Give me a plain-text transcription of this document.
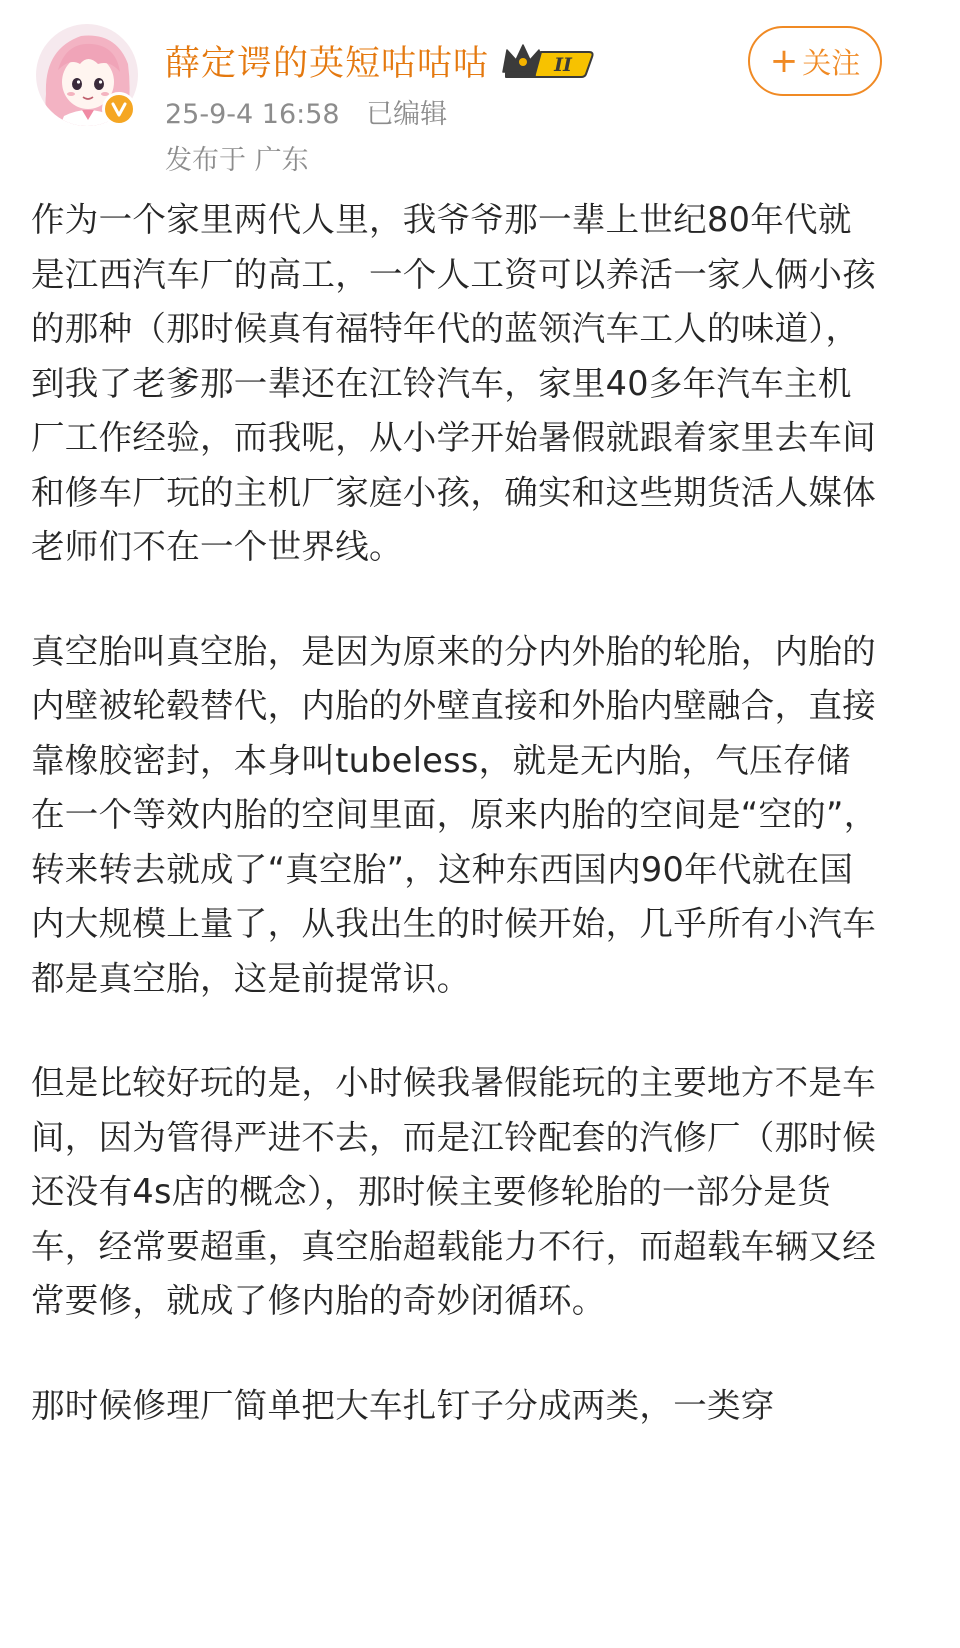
薛定谔的英短咕咕咕	II
25-9-4 16:58 已编辑
发布于 广东
+ 关注

作为一个家里两代人里，我爷爷那一辈上世纪80年代就是江西汽车厂的高工，一个人工资可以养活一家人俩小孩的那种（那时候真有福特年代的蓝领汽车工人的味道），到我了老爹那一辈还在江铃汽车，家里40多年汽车主机厂工作经验，而我呢，从小学开始暑假就跟着家里去车间和修车厂玩的主机厂家庭小孩，确实和这些期货活人媒体老师们不在一个世界线。

真空胎叫真空胎，是因为原来的分内外胎的轮胎，内胎的内壁被轮毂替代，内胎的外壁直接和外胎内壁融合，直接靠橡胶密封，本身叫tubeless，就是无内胎，气压存储在一个等效内胎的空间里面，原来内胎的空间是“空的”，转来转去就成了“真空胎”，这种东西国内90年代就在国内大规模上量了，从我出生的时候开始，几乎所有小汽车都是真空胎，这是前提常识。

但是比较好玩的是，小时候我暑假能玩的主要地方不是车间，因为管得严进不去，而是江铃配套的汽修厂（那时候还没有4s店的概念），那时候主要修轮胎的一部分是货车，经常要超重，真空胎超载能力不行，而超载车辆又经常要修，就成了修内胎的奇妙闭循环。

那时候修理厂简单把大车扎钉子分成两类，一类穿
